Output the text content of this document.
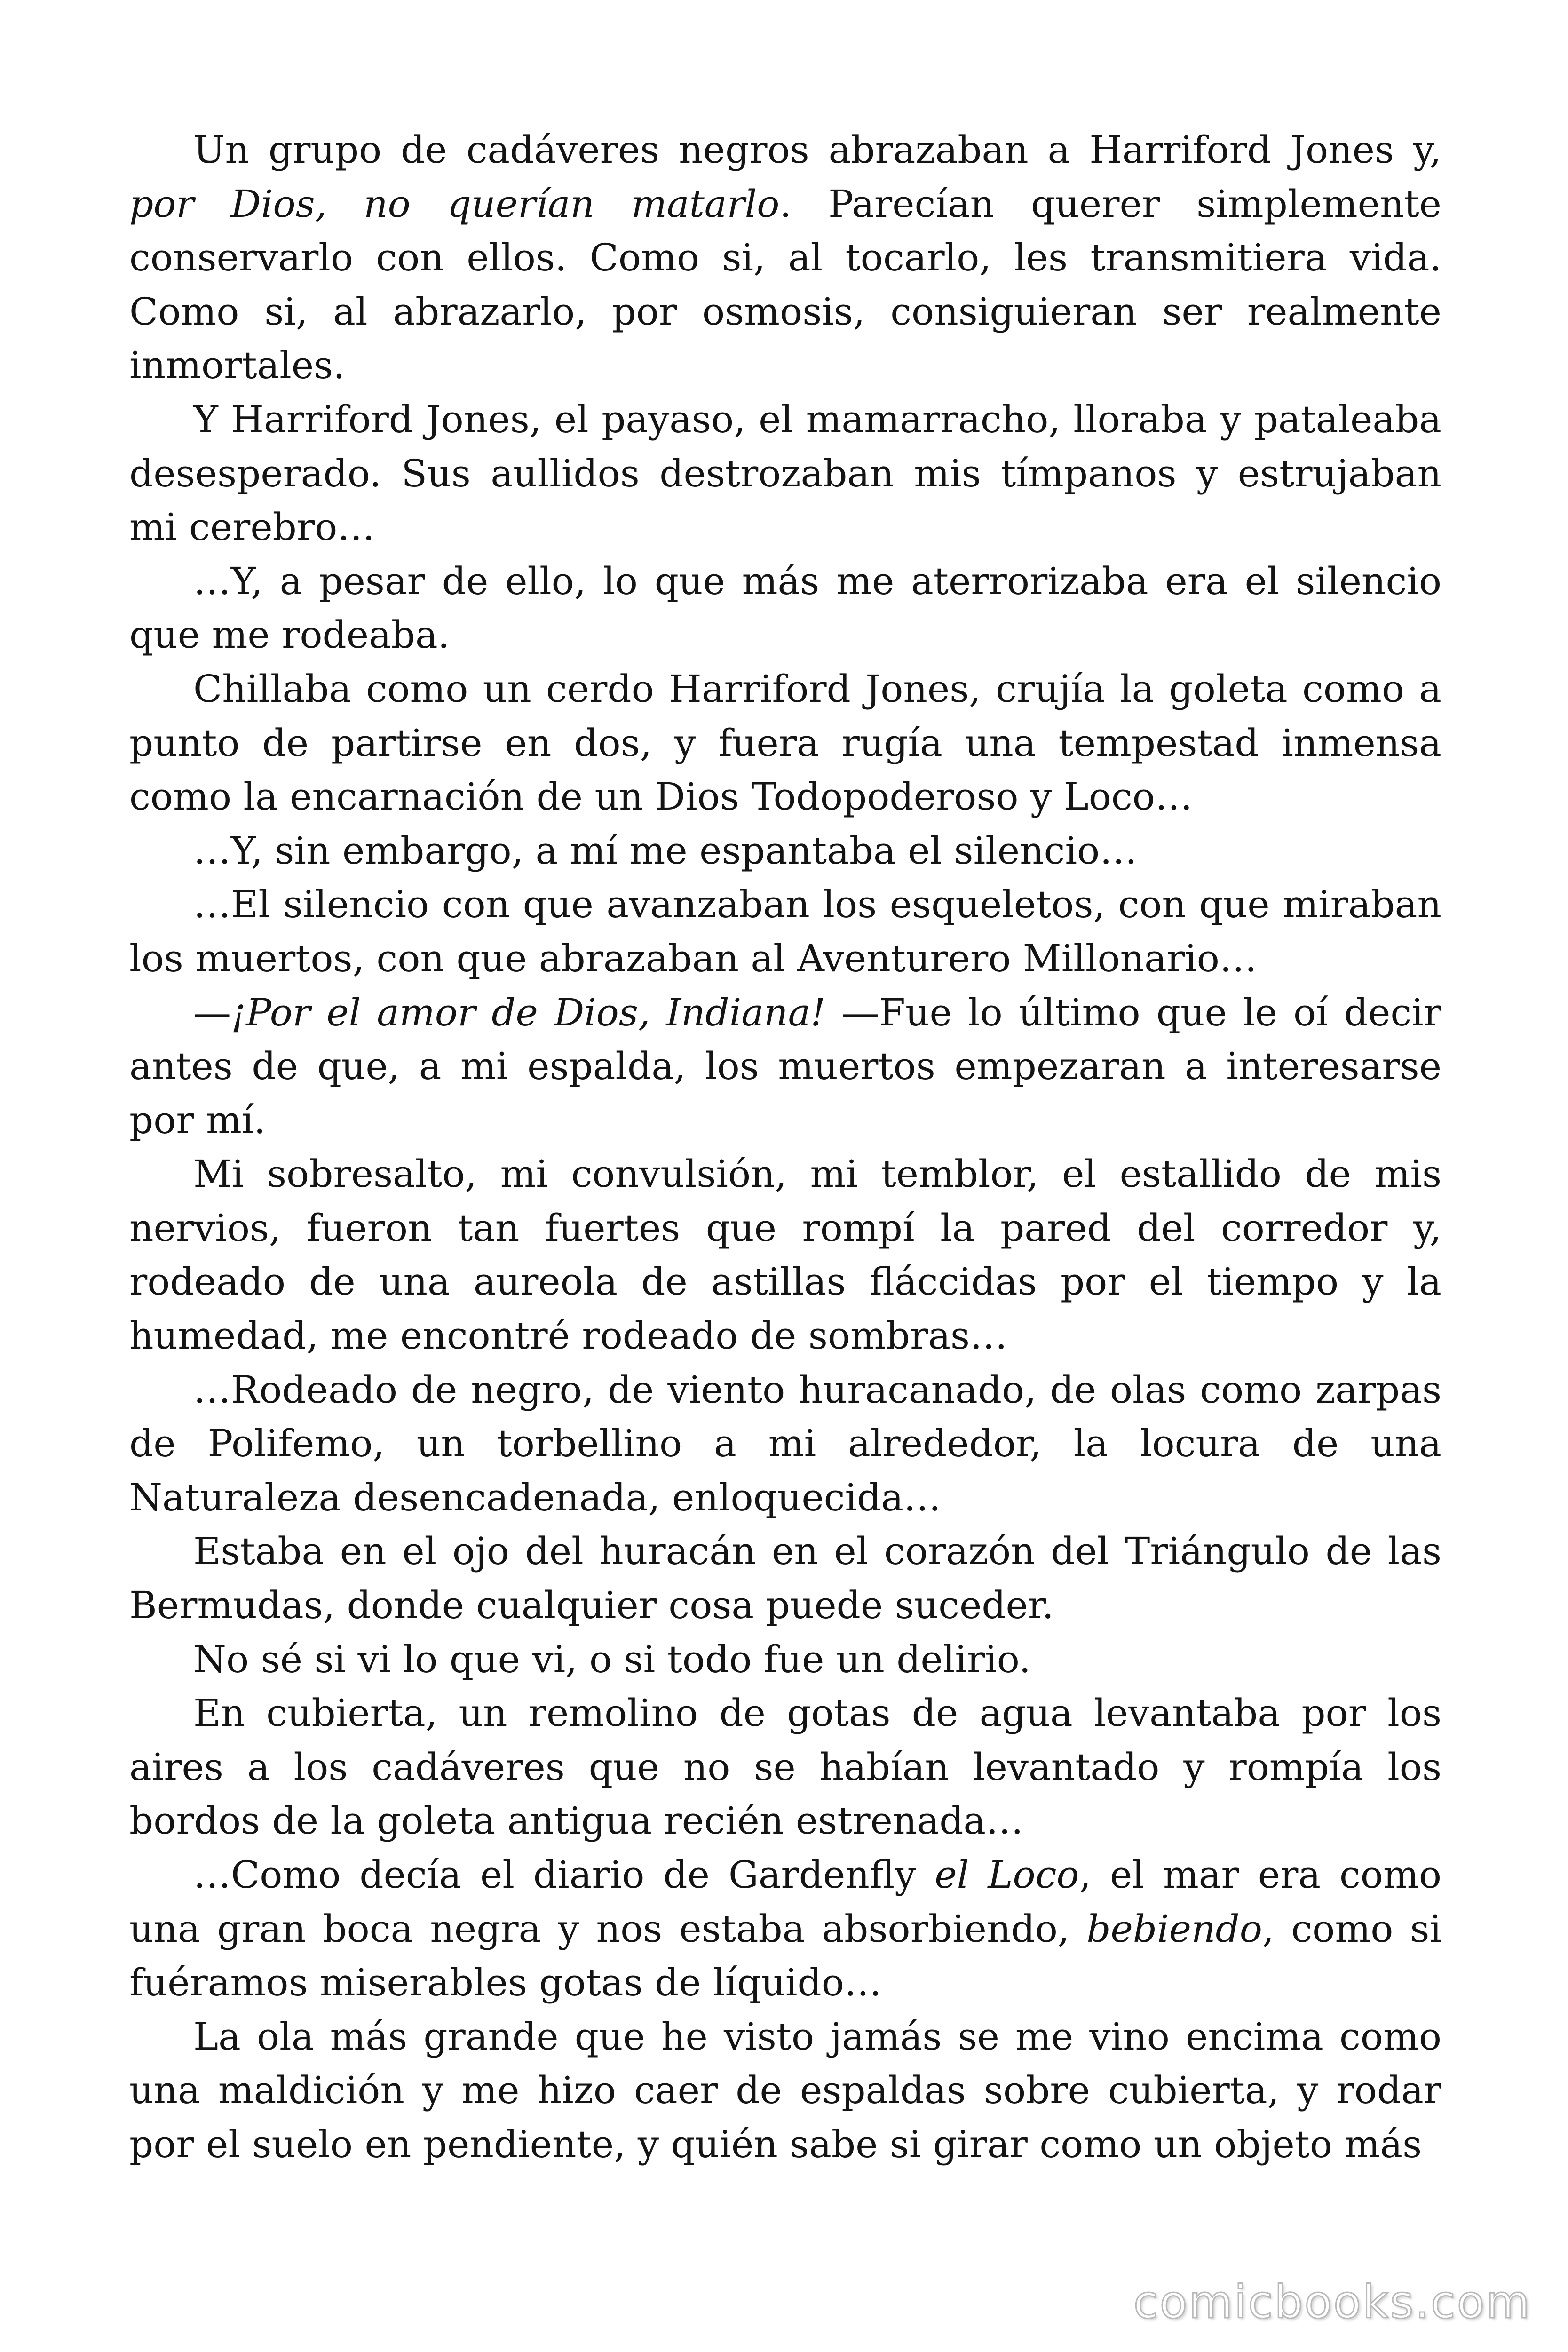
Un grupo de cadáveres negros abrazaban a Harriford Jones y, por Dios, no querían matarlo. Parecían querer simplemente conservarlo con ellos. Como si, al tocarlo, les transmitiera vida. Como si, al abrazarlo, por osmosis, consiguieran ser realmente inmortales.

Y Harriford Jones, el payaso, el mamarracho, lloraba y pataleaba desesperado. Sus aullidos destrozaban mis tímpanos y estrujaban mi cerebro…

…Y, a pesar de ello, lo que más me aterrorizaba era el silencio que me rodeaba.

Chillaba como un cerdo Harriford Jones, crujía la goleta como a punto de partirse en dos, y fuera rugía una tempestad inmensa como la encarnación de un Dios Todopoderoso y Loco…

…Y, sin embargo, a mí me espantaba el silencio…

…El silencio con que avanzaban los esqueletos, con que miraban los muertos, con que abrazaban al Aventurero Millonario…

—¡Por el amor de Dios, Indiana! —Fue lo último que le oí decir antes de que, a mi espalda, los muertos empezaran a interesarse por mí.

Mi sobresalto, mi convulsión, mi temblor, el estallido de mis nervios, fueron tan fuertes que rompí la pared del corredor y, rodeado de una aureola de astillas fláccidas por el tiempo y la humedad, me encontré rodeado de sombras…

…Rodeado de negro, de viento huracanado, de olas como zarpas de Polifemo, un torbellino a mi alrededor, la locura de una Naturaleza desencadenada, enloquecida…

Estaba en el ojo del huracán en el corazón del Triángulo de las Bermudas, donde cualquier cosa puede suceder.

No sé si vi lo que vi, o si todo fue un delirio.

En cubierta, un remolino de gotas de agua levantaba por los aires a los cadáveres que no se habían levantado y rompía los bordos de la goleta antigua recién estrenada…

…Como decía el diario de Gardenfly el Loco, el mar era como una gran boca negra y nos estaba absorbiendo, bebiendo, como si fuéramos miserables gotas de líquido…

La ola más grande que he visto jamás se me vino encima como una maldición y me hizo caer de espaldas sobre cubierta, y rodar por el suelo en pendiente, y quién sabe si girar como un objeto más

comicbooks.com
